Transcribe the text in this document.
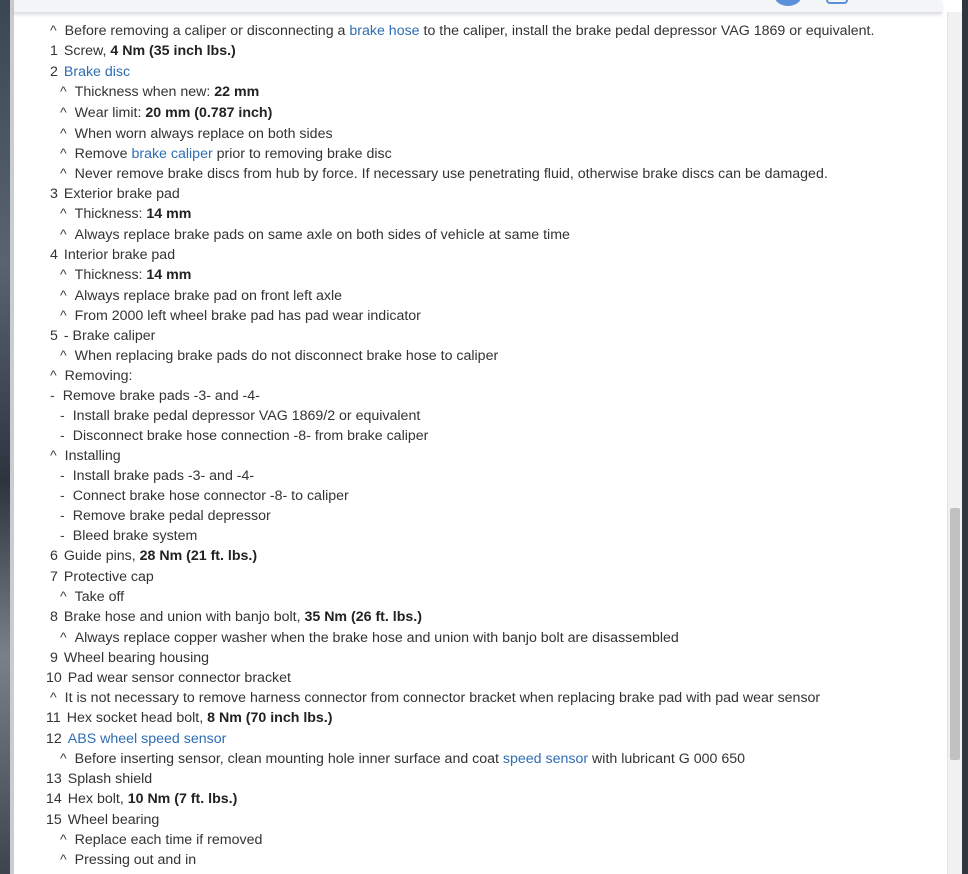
^ Before removing a caliper or disconnecting a brake hose to the caliper, install the brake pedal depressor VAG 1869 or equivalent.
1 Screw, 4 Nm (35 inch lbs.)
2 Brake disc
^ Thickness when new: 22 mm
^ Wear limit: 20 mm (0.787 inch)
^ When worn always replace on both sides
^ Remove brake caliper prior to removing brake disc
^ Never remove brake discs from hub by force. If necessary use penetrating fluid, otherwise brake discs can be damaged.
3 Exterior brake pad
^ Thickness: 14 mm
^ Always replace brake pads on same axle on both sides of vehicle at same time
4 Interior brake pad
^ Thickness: 14 mm
^ Always replace brake pad on front left axle
^ From 2000 left wheel brake pad has pad wear indicator
5 - Brake caliper
^ When replacing brake pads do not disconnect brake hose to caliper
^ Removing:
- Remove brake pads -3- and -4-
- Install brake pedal depressor VAG 1869/2 or equivalent
- Disconnect brake hose connection -8- from brake caliper
^ Installing
- Install brake pads -3- and -4-
- Connect brake hose connector -8- to caliper
- Remove brake pedal depressor
- Bleed brake system
6 Guide pins, 28 Nm (21 ft. lbs.)
7 Protective cap
^ Take off
8 Brake hose and union with banjo bolt, 35 Nm (26 ft. lbs.)
^ Always replace copper washer when the brake hose and union with banjo bolt are disassembled
9 Wheel bearing housing
10 Pad wear sensor connector bracket
^ It is not necessary to remove harness connector from connector bracket when replacing brake pad with pad wear sensor
11 Hex socket head bolt, 8 Nm (70 inch lbs.)
12 ABS wheel speed sensor
^ Before inserting sensor, clean mounting hole inner surface and coat speed sensor with lubricant G 000 650
13 Splash shield
14 Hex bolt, 10 Nm (7 ft. lbs.)
15 Wheel bearing
^ Replace each time if removed
^ Pressing out and in
